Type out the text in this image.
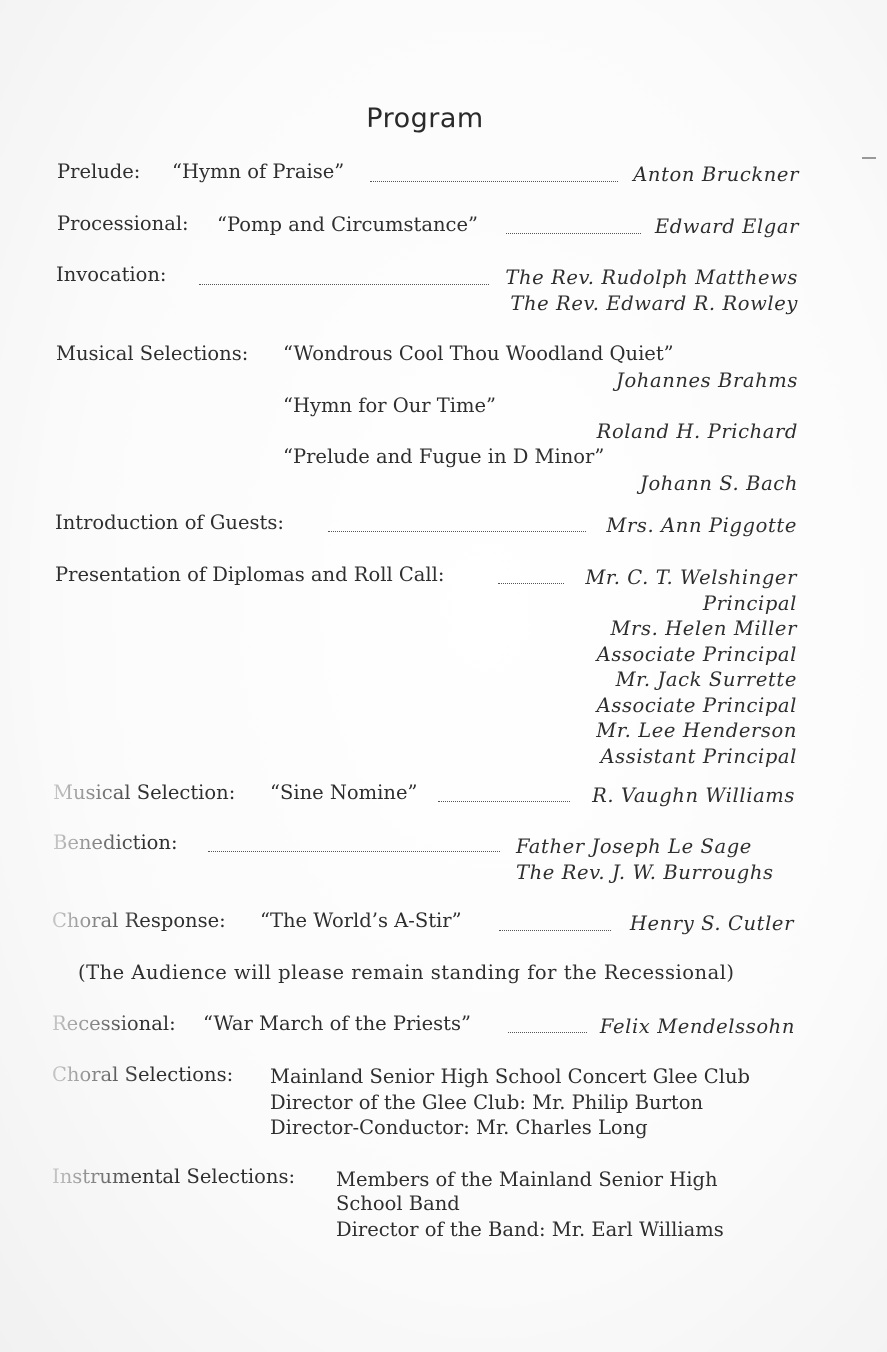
Program
Prelude: “Hymn of Praise”	Anton Bruckner
Processional: “Pomp and Circumstance”	Edward Elgar
Invocation:	The Rev. Rudolph Matthews
The Rev. Edward R. Rowley
Musical Selections: “Wondrous Cool Thou Woodland Quiet”
Johannes Brahms
“Hymn for Our Time”
Roland H. Prichard
“Prelude and Fugue in D Minor”
Johann S. Bach
Introduction of Guests:	Mrs. Ann Piggotte
Presentation of Diplomas and Roll Call:	Mr. C. T. Welshinger
Principal
Mrs. Helen Miller
Associate Principal
Mr. Jack Surrette
Associate Principal
Mr. Lee Henderson
Assistant Principal
Musical Selection: “Sine Nomine”	R. Vaughn Williams
Benediction:	Father Joseph Le Sage
The Rev. J. W. Burroughs
Choral Response: “The World’s A-Stir”	Henry S. Cutler
(The Audience will please remain standing for the Recessional)
Recessional: “War March of the Priests”	Felix Mendelssohn
Choral Selections: Mainland Senior High School Concert Glee Club
Director of the Glee Club: Mr. Philip Burton
Director-Conductor: Mr. Charles Long
Instrumental Selections: Members of the Mainland Senior High
School Band
Director of the Band: Mr. Earl Williams
